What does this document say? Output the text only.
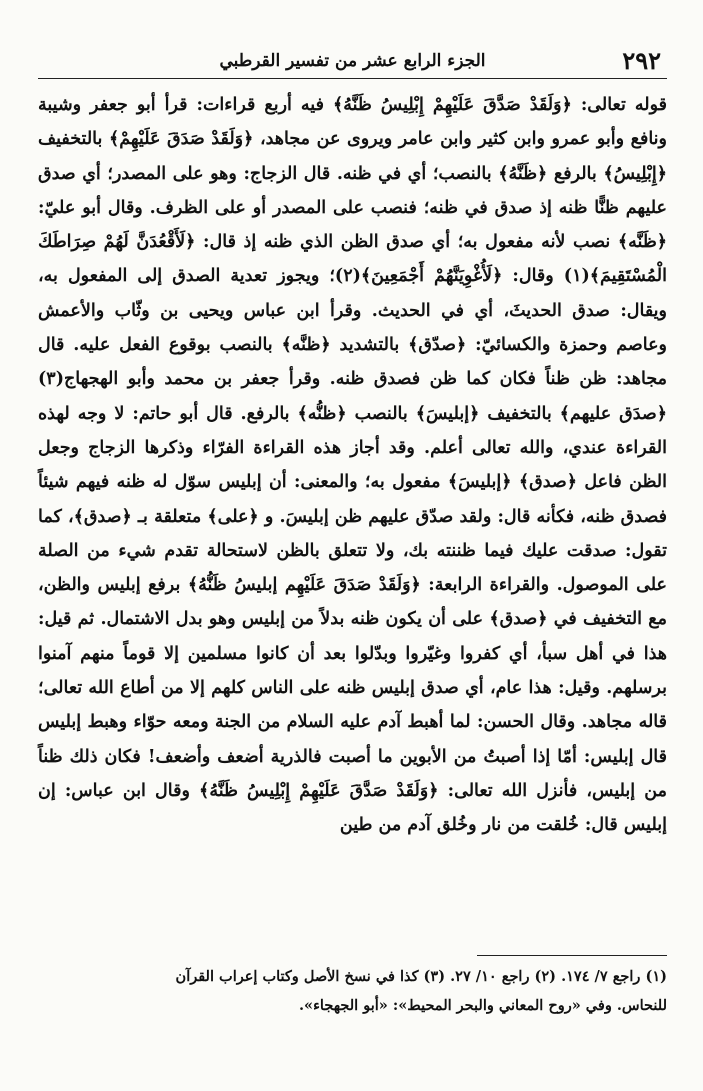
٢٩٢
الجزء الرابع عشر من تفسير القرطبي

قوله تعالى: ﴿وَلَقَدْ صَدَّقَ عَلَيْهِمْ إِبْلِيسُ ظَنَّهُ﴾ فيه أربع قراءات: قرأ أبو جعفر وشيبة ونافع وأبو عمرو وابن كثير وابن عامر ويروى عن مجاهد، ﴿وَلَقَدْ صَدَقَ عَلَيْهِمْ﴾ بالتخفيف ﴿إِبْلِيسُ﴾ بالرفع ﴿ظَنَّهُ﴾ بالنصب؛ أي في ظنه. قال الزجاج: وهو على المصدر؛ أي صدق عليهم ظنًّا ظنه إذ صدق في ظنه؛ فنصب على المصدر أو على الظرف. وقال أبو عليّ: ﴿ظَنَّه﴾ نصب لأنه مفعول به؛ أي صدق الظن الذي ظنه إذ قال: ﴿لَأَقْعُدَنَّ لَهُمْ صِرَاطَكَ الْمُسْتَقِيمَ﴾(١) وقال: ﴿لَأُغْوِيَنَّهُمْ أَجْمَعِينَ﴾(٢)؛ ويجوز تعدية الصدق إلى المفعول به، ويقال: صدق الحديثَ، أي في الحديث. وقرأ ابن عباس ويحيى بن وثّاب والأعمش وعاصم وحمزة والكسائيّ: ﴿صدّق﴾ بالتشديد ﴿ظنَّه﴾ بالنصب بوقوع الفعل عليه. قال مجاهد: ظن ظناً فكان كما ظن فصدق ظنه. وقرأ جعفر بن محمد وأبو الهجهاج(٣) ﴿صدَق عليهم﴾ بالتخفيف ﴿إبليسَ﴾ بالنصب ﴿ظنُّه﴾ بالرفع. قال أبو حاتم: لا وجه لهذه القراءة عندي، والله تعالى أعلم. وقد أجاز هذه القراءة الفرّاء وذكرها الزجاج وجعل الظن فاعل ﴿صدق﴾ ﴿إبليسَ﴾ مفعول به؛ والمعنى: أن إبليس سوّل له ظنه فيهم شيئاً فصدق ظنه، فكأنه قال: ولقد صدّق عليهم ظن إبليسَ. و ﴿على﴾ متعلقة بـ ﴿صدق﴾، كما تقول: صدقت عليك فيما ظننته بك، ولا تتعلق بالظن لاستحالة تقدم شيء من الصلة على الموصول. والقراءة الرابعة: ﴿وَلَقَدْ صَدَقَ عَلَيْهِم إبليسُ ظَنُّهُ﴾ برفع إبليس والظن، مع التخفيف في ﴿صدق﴾ على أن يكون ظنه بدلاً من إبليس وهو بدل الاشتمال. ثم قيل: هذا في أهل سبأ، أي كفروا وغيّروا وبدّلوا بعد أن كانوا مسلمين إلا قوماً منهم آمنوا برسلهم. وقيل: هذا عام، أي صدق إبليس ظنه على الناس كلهم إلا من أطاع الله تعالى؛ قاله مجاهد. وقال الحسن: لما أهبط آدم عليه السلام من الجنة ومعه حوّاء وهبط إبليس قال إبليس: أمّا إذا أصبتُ من الأبوين ما أصبت فالذرية أضعف وأضعف! فكان ذلك ظناً من إبليس، فأنزل الله تعالى: ﴿وَلَقَدْ صَدَّقَ عَلَيْهِمْ إِبْلِيسُ ظَنَّهُ﴾ وقال ابن عباس: إن إبليس قال: خُلقت من نار وخُلق آدم من طين

(١) راجع ٧/ ١٧٤. (٢) راجع ١٠/ ٢٧. (٣) كذا في نسخ الأصل وكتاب إعراب القرآن

للنحاس. وفي «روح المعاني والبحر المحيط»: «أبو الجهجاء».
